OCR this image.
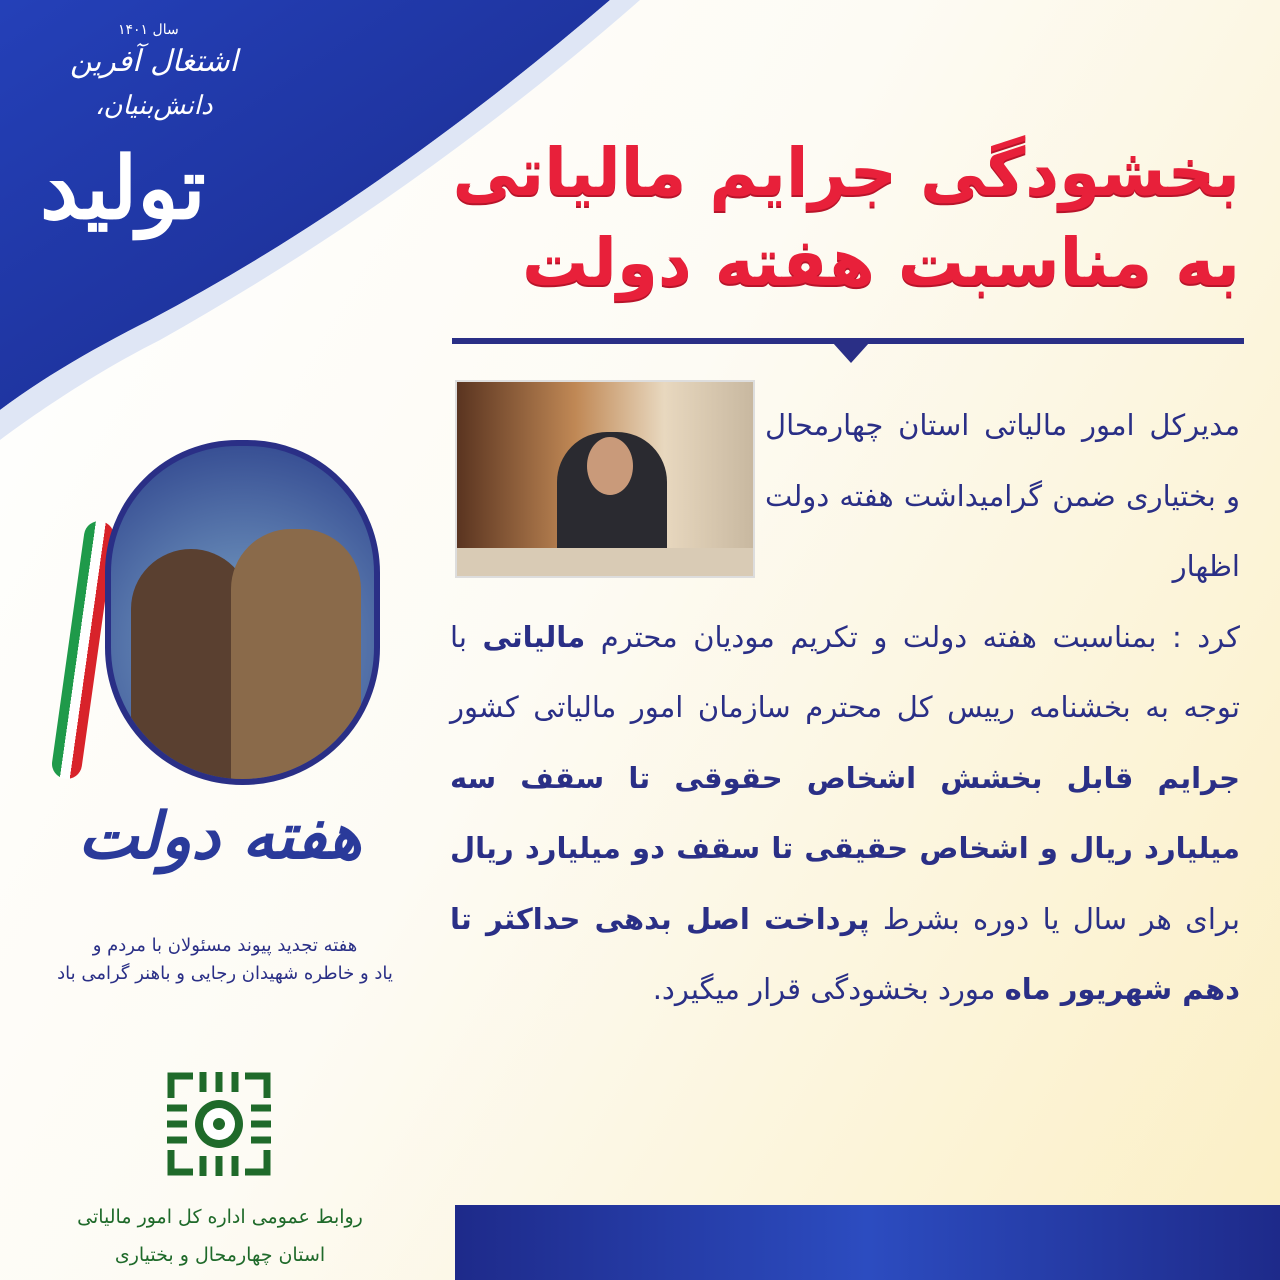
سال ۱۴۰۱
اشتغال آفرین
دانش‌بنیان،
تولید	بخشودگی جرایم مالیاتی
به مناسبت هفته دولت
مدیرکل امور مالیاتی استان چهارمحال و بختیاری ضمن گرامیداشت هفته دولت اظهار
کرد : بمناسبت هفته دولت و تکریم مودیان محترم مالیاتی با توجه به بخشنامه رییس کل محترم سازمان امور مالیاتی کشور جرایم قابل بخشش اشخاص حقوقی تا سقف سه میلیارد ریال و اشخاص حقیقی تا سقف دو میلیارد ریال برای هر سال یا دوره بشرط پرداخت اصل بدهی حداکثر تا دهم شهریور ماه مورد بخشودگی قرار میگیرد.
هفته دولت
هفته تجدید پیوند مسئولان با مردم و
یاد و خاطره شهیدان رجایی و باهنر گرامی باد
روابط عمومی اداره کل امور مالیاتی
استان چهارمحال و بختیاری
